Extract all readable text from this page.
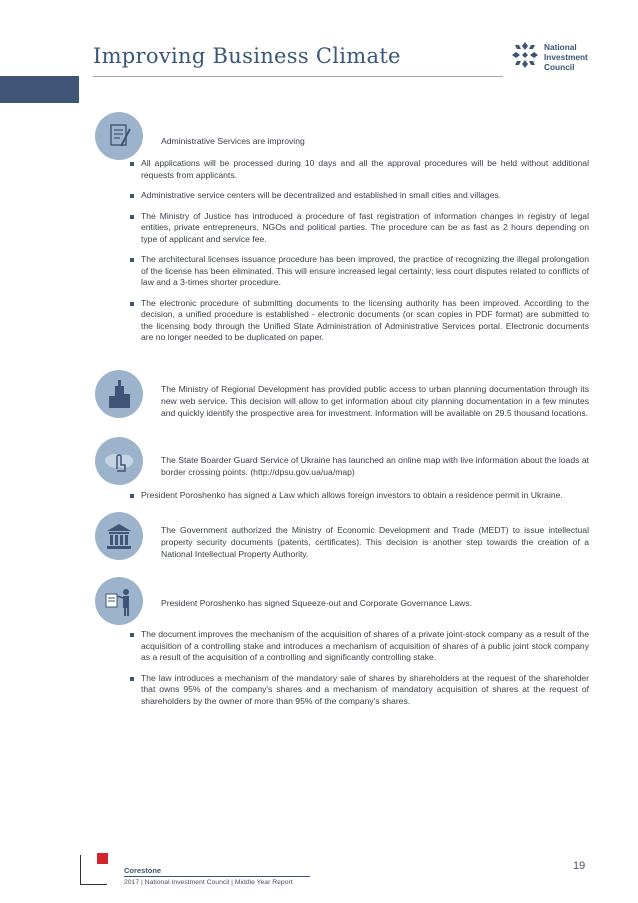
Improving Business Climate	National
Investment
Council
Administrative Services are improving
All applications will be processed during 10 days and all the approval procedures will be held without additional requests from applicants.
Administrative service centers will be decentralized and established in small cities and villages.
The Ministry of Justice has introduced a procedure of fast registration of information changes in registry of legal entities, private entrepreneurs, NGOs and political parties. The procedure can be as fast as 2 hours depending on type of applicant and service fee.
The architectural licenses issuance procedure has been improved, the practice of recognizing the illegal prolongation of the license has been eliminated. This will ensure increased legal certainty; less court disputes related to conflicts of law and a 3-times shorter procedure.
The electronic procedure of submitting documents to the licensing authority has been improved. According to the decision, a unified procedure is established - electronic documents (or scan copies in PDF format) are submitted to the licensing body through the Unified State Administration of Administrative Services portal. Electronic documents are no longer needed to be duplicated on paper.
The Ministry of Regional Development has provided public access to urban planning documentation through its new web service. This decision will allow to get information about city planning documentation in a few minutes and quickly identify the prospective area for investment. Information will be available on 29.5 thousand locations.
The State Boarder Guard Service of Ukraine has launched an online map with live information about the loads at border crossing points. (http://dpsu.gov.ua/ua/map)
President Poroshenko has signed a Law which allows foreign investors to obtain a residence permit in Ukraine.
The Government authorized the Ministry of Economic Development and Trade (MEDT) to issue intellectual property security documents (patents, certificates). This decision is another step towards the creation of a National Intellectual Property Authority.
President Poroshenko has signed Squeeze-out and Corporate Governance Laws.
The document improves the mechanism of the acquisition of shares of a private joint-stock company as a result of the acquisition of a controlling stake and introduces a mechanism of acquisition of shares of a public joint stock company as a result of the acquisition of a controlling and significantly controlling stake.
The law introduces a mechanism of the mandatory sale of shares by shareholders at the request of the shareholder that owns 95% of the company's shares and a mechanism of mandatory acquisition of shares at the request of shareholders by the owner of more than 95% of the company's shares.
Corestone
2017 | National Investment Council | Middle Year Report
19
